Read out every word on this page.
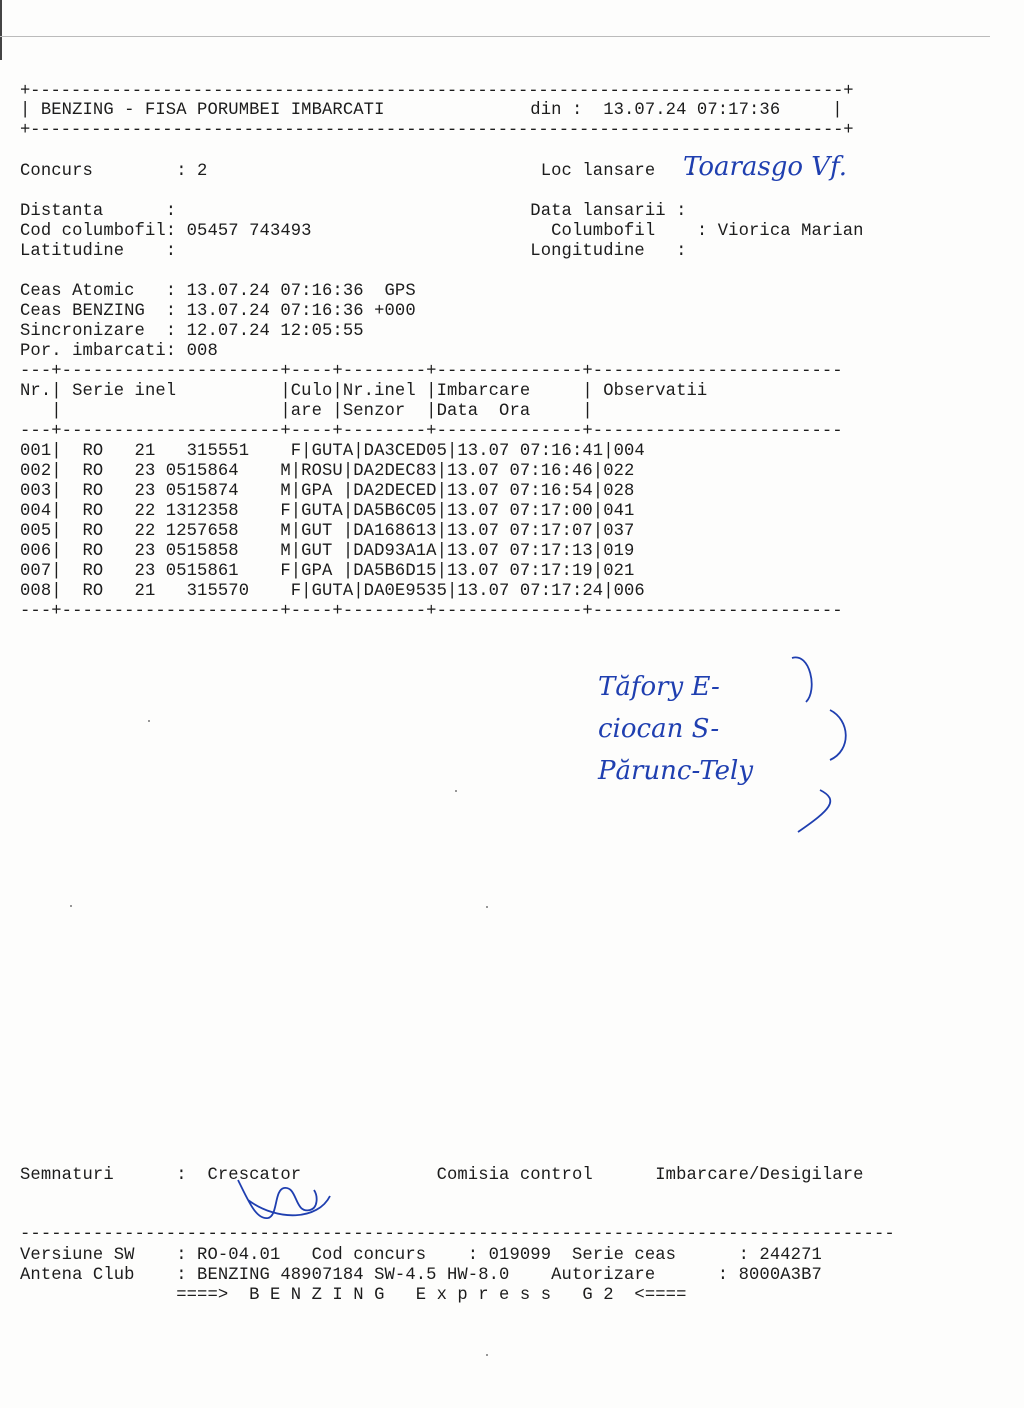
+--------------------------------------------------------------------------------+
| BENZING - FISA PORUMBEI IMBARCATI              din :  13.07.24 07:17:36     |
+--------------------------------------------------------------------------------+
Concurs        : 2                                Loc lansare   :
Toarasgo Vf.
Distanta      :                                  Data lansarii :
Cod columbofil: 05457 743493                       Columbofil    : Viorica Marian
Latitudine    :                                  Longitudine   :
Ceas Atomic   : 13.07.24 07:16:36  GPS
Ceas BENZING  : 13.07.24 07:16:36 +000
Sincronizare  : 12.07.24 12:05:55
Por. imbarcati: 008
---+---------------------+----+--------+--------------+------------------------
Nr.| Serie inel          |Culo|Nr.inel |Imbarcare     | Observatii
|                     |are |Senzor  |Data  Ora     |
---+---------------------+----+--------+--------------+------------------------
001|  RO   21   315551    F|GUTA|DA3CED05|13.07 07:16:41|004
002|  RO   23 0515864    M|ROSU|DA2DEC83|13.07 07:16:46|022
003|  RO   23 0515874    M|GPA |DA2DECED|13.07 07:16:54|028
004|  RO   22 1312358    F|GUTA|DA5B6C05|13.07 07:17:00|041
005|  RO   22 1257658    M|GUT |DA168613|13.07 07:17:07|037
006|  RO   23 0515858    M|GUT |DAD93A1A|13.07 07:17:13|019
007|  RO   23 0515861    F|GPA |DA5B6D15|13.07 07:17:19|021
008|  RO   21   315570    F|GUTA|DA0E9535|13.07 07:17:24|006
---+---------------------+----+--------+--------------+------------------------
Tăfory E-
ciocan S-
Părunc-Tely
Semnaturi      :  Crescator             Comisia control      Imbarcare/Desigilare
------------------------------------------------------------------------------------
Versiune SW    : RO-04.01   Cod concurs    : 019099  Serie ceas      : 244271
Antena Club    : BENZING 48907184 SW-4.5 HW-8.0    Autorizare      : 8000A3B7
====>  B E N Z I N G   E x p r e s s   G 2  <====
